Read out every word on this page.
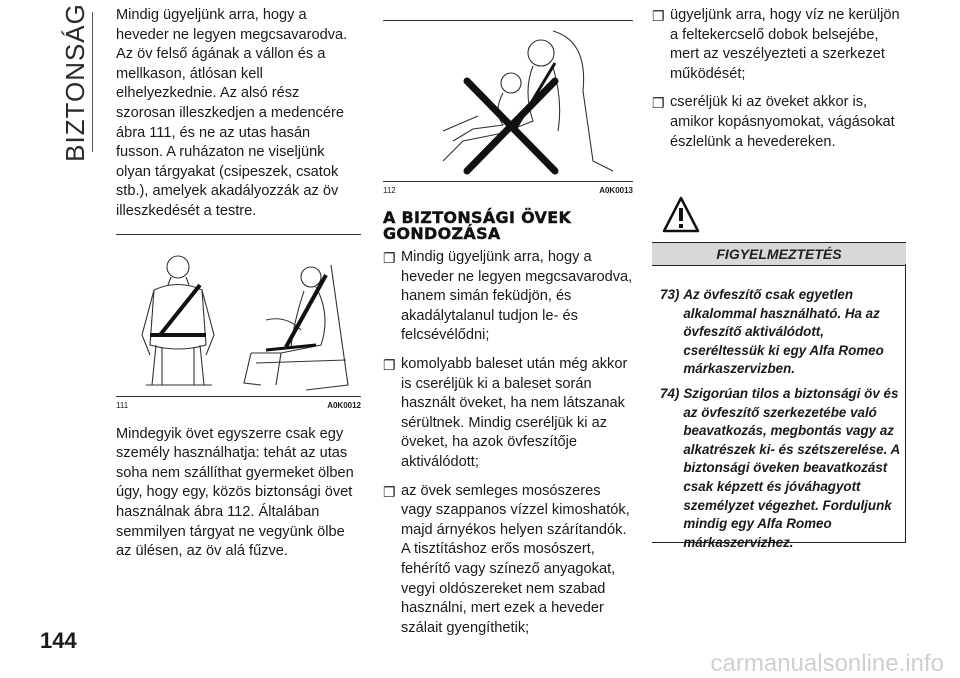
BIZTONSÁG
144

Mindig ügyeljünk arra, hogy a heveder ne legyen megcsavarodva. Az öv felső ágának a vállon és a mellkason, átlósan kell elhelyezkednie. Az alsó rész szorosan illeszkedjen a medencére ábra 111, és ne az utas hasán fusson. A ruházaton ne viseljünk olyan tárgyakat (csipeszek, csatok stb.), amelyek akadályozzák az öv illeszkedését a testre.

111	A0K0012

Mindegyik övet egyszerre csak egy személy használhatja: tehát az utas soha nem szállíthat gyermeket ölben úgy, hogy egy, közös biztonsági övet használnak ábra 112. Általában semmilyen tárgyat ne vegyünk ölbe az ülésen, az öv alá fűzve.

112	A0K0013
A BIZTONSÁGI ÖVEK GONDOZÁSA
❐ Mindig ügyeljünk arra, hogy a heveder ne legyen megcsavarodva, hanem simán feküdjön, és akadálytalanul tudjon le- és felcsévélődni;
❐ komolyabb baleset után még akkor is cseréljük ki a baleset során használt öveket, ha nem látszanak sérültnek. Mindig cseréljük ki az öveket, ha azok övfeszítője aktiválódott;
❐ az övek semleges mosószeres vagy szappanos vízzel kimoshatók, majd árnyékos helyen szárítandók. A tisztításhoz erős mosószert, fehérítő vagy színező anyagokat, vegyi oldószereket nem szabad használni, mert ezek a heveder szálait gyengíthetik;
❐ ügyeljünk arra, hogy víz ne kerüljön a feltekercselő dobok belsejébe, mert az veszélyezteti a szerkezet működését;
❐ cseréljük ki az öveket akkor is, amikor kopásnyomokat, vágásokat észlelünk a hevedereken.
FIGYELMEZTETÉS
73) Az övfeszítő csak egyetlen alkalommal használható. Ha az övfeszítő aktiválódott, cseréltessük ki egy Alfa Romeo márkaszervizben.
74) Szigorúan tilos a biztonsági öv és az övfeszítő szerkezetébe való beavatkozás, megbontás vagy az alkatrészek ki- és szétszerelése. A biztonsági öveken beavatkozást csak képzett és jóváhagyott személyzet végezhet. Forduljunk mindig egy Alfa Romeo márkaszervizhez.
carmanualsonline.info
